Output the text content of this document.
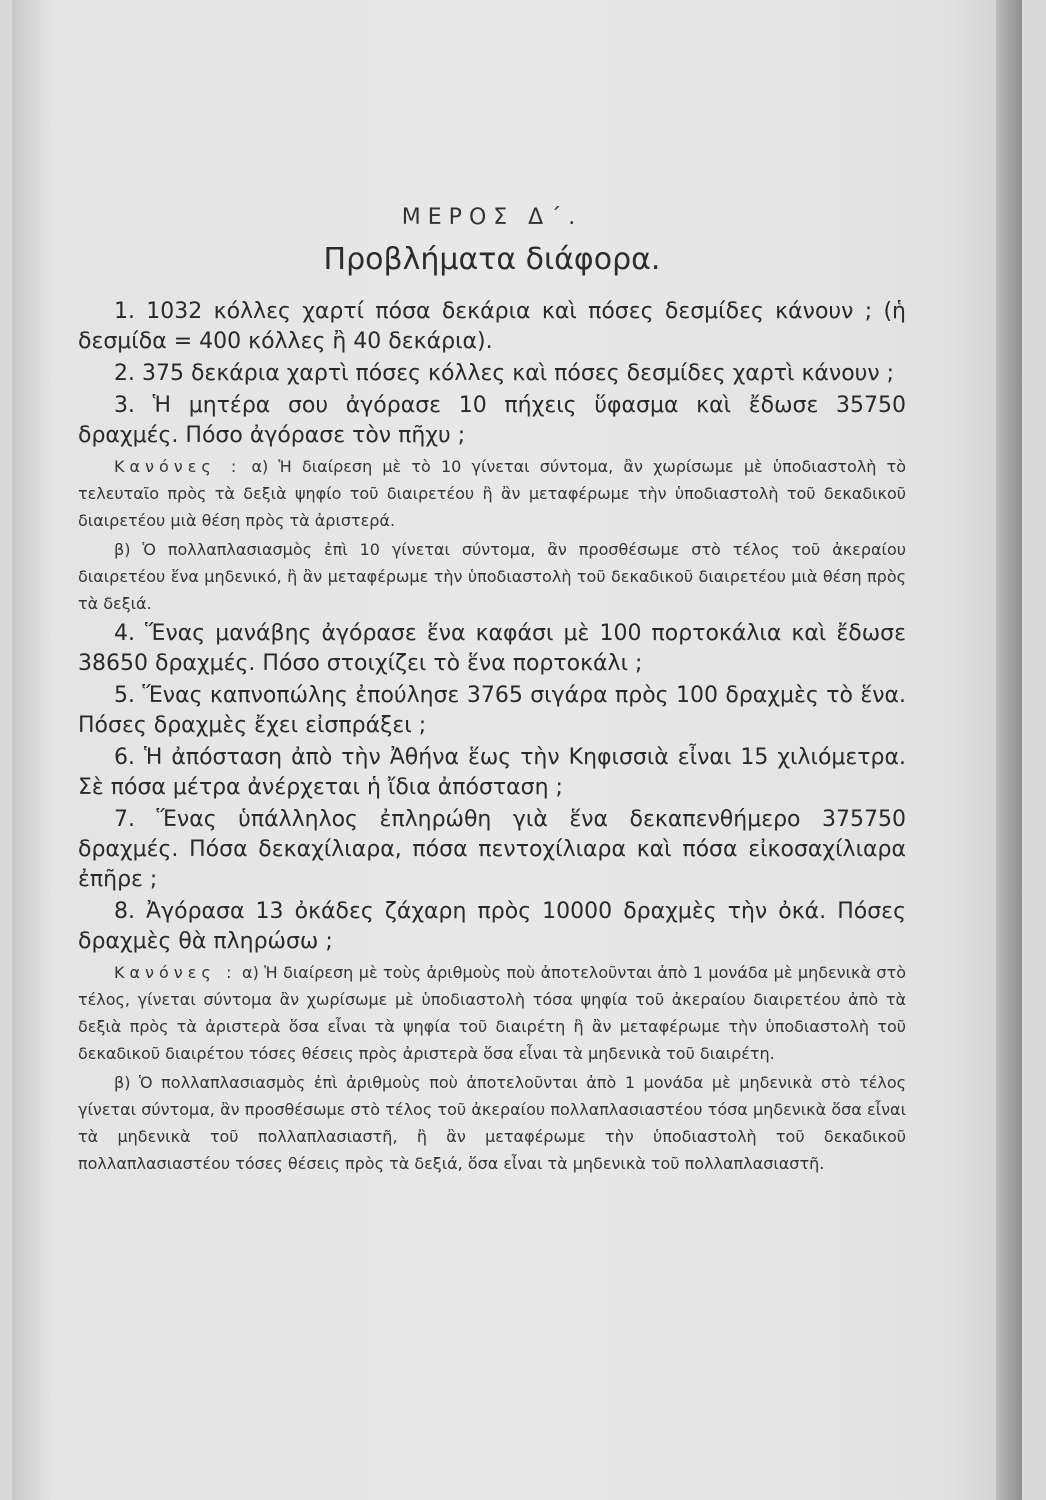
ΜΕΡΟΣ Δ΄.
Προβλήματα διάφορα.

1. 1032 κόλλες χαρτί πόσα δεκάρια καὶ πόσες δεσμίδες κάνουν ; (ἡ δεσμίδα = 400 κόλλες ἢ 40 δεκάρια).

2. 375 δεκάρια χαρτὶ πόσες κόλλες καὶ πόσες δεσμίδες χαρτὶ κάνουν ;

3. Ἡ μητέρα σου ἀγόρασε 10 πήχεις ὕφασμα καὶ ἔδωσε 35750 δραχμές. Πόσο ἀγόρασε τὸν πῆχυ ;

Κανόνες : α) Ἡ διαίρεση μὲ τὸ 10 γίνεται σύντομα, ἂν χωρίσωμε μὲ ὑποδιαστολὴ τὸ τελευταῖο πρὸς τὰ δεξιὰ ψηφίο τοῦ διαιρετέου ἢ ἂν μεταφέρωμε τὴν ὑποδιαστολὴ τοῦ δεκαδικοῦ διαιρετέου μιὰ θέση πρὸς τὰ ἀριστερά.

β) Ὁ πολλαπλασιασμὸς ἐπὶ 10 γίνεται σύντομα, ἂν προσθέσωμε στὸ τέλος τοῦ ἀκεραίου διαιρετέου ἕνα μηδενικό, ἢ ἂν μεταφέρωμε τὴν ὑποδιαστολὴ τοῦ δεκαδικοῦ διαιρετέου μιὰ θέση πρὸς τὰ δεξιά.

4. Ἕνας μανάβης ἀγόρασε ἕνα καφάσι μὲ 100 πορτοκάλια καὶ ἔδωσε 38650 δραχμές. Πόσο στοιχίζει τὸ ἕνα πορτοκάλι ;

5. Ἕνας καπνοπώλης ἐπούλησε 3765 σιγάρα πρὸς 100 δραχμὲς τὸ ἕνα. Πόσες δραχμὲς ἔχει εἰσπράξει ;

6. Ἡ ἀπόσταση ἀπὸ τὴν Ἀθήνα ἕως τὴν Κηφισσιὰ εἶναι 15 χιλιόμετρα. Σὲ πόσα μέτρα ἀνέρχεται ἡ ἴδια ἀπόσταση ;

7. Ἕνας ὑπάλληλος ἐπληρώθη γιὰ ἕνα δεκαπενθήμερο 375750 δραχμές. Πόσα δεκαχίλιαρα, πόσα πεντοχίλιαρα καὶ πόσα εἰκοσαχίλιαρα ἐπῆρε ;

8. Ἀγόρασα 13 ὀκάδες ζάχαρη πρὸς 10000 δραχμὲς τὴν ὀκά. Πόσες δραχμὲς θὰ πληρώσω ;

Κανόνες : α) Ἡ διαίρεση μὲ τοὺς ἀριθμοὺς ποὺ ἀποτελοῦνται ἀπὸ 1 μονάδα μὲ μηδενικὰ στὸ τέλος, γίνεται σύντομα ἂν χωρίσωμε μὲ ὑποδιαστολὴ τόσα ψηφία τοῦ ἀκεραίου διαιρετέου ἀπὸ τὰ δεξιὰ πρὸς τὰ ἀριστερὰ ὅσα εἶναι τὰ ψηφία τοῦ διαιρέτη ἢ ἂν μεταφέρωμε τὴν ὑποδιαστολὴ τοῦ δεκαδικοῦ διαιρέτου τόσες θέσεις πρὸς ἀριστερὰ ὅσα εἶναι τὰ μηδενικὰ τοῦ διαιρέτη.

β) Ὁ πολλαπλασιασμὸς ἐπὶ ἀριθμοὺς ποὺ ἀποτελοῦνται ἀπὸ 1 μονάδα μὲ μηδενικὰ στὸ τέλος γίνεται σύντομα, ἂν προσθέσωμε στὸ τέλος τοῦ ἀκεραίου πολλαπλασιαστέου τόσα μηδενικὰ ὅσα εἶναι τὰ μηδενικὰ τοῦ πολλαπλασιαστῆ, ἢ ἂν μεταφέρωμε τὴν ὑποδιαστολὴ τοῦ δεκαδικοῦ πολλαπλασιαστέου τόσες θέσεις πρὸς τὰ δεξιά, ὅσα εἶναι τὰ μηδενικὰ τοῦ πολλαπλασιαστῆ.
